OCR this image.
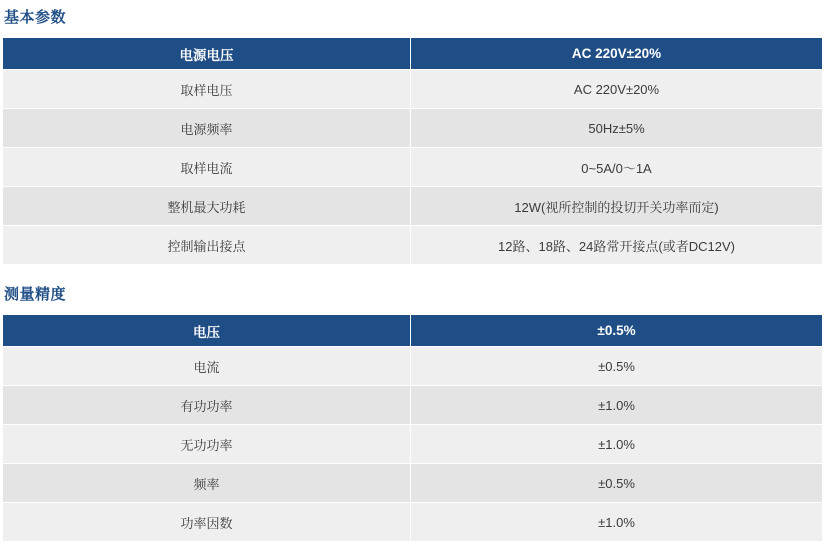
基本参数
电源电压	AC 220V±20%
取样电压	AC 220V±20%
电源频率	50Hz±5%
取样电流	0~5A/0～1A
整机最大功耗	12W(视所控制的投切开关功率而定)
控制输出接点	12路、18路、24路常开接点(或者DC12V)
测量精度
电压	±0.5%
电流	±0.5%
有功功率	±1.0%
无功功率	±1.0%
频率	±0.5%
功率因数	±1.0%
